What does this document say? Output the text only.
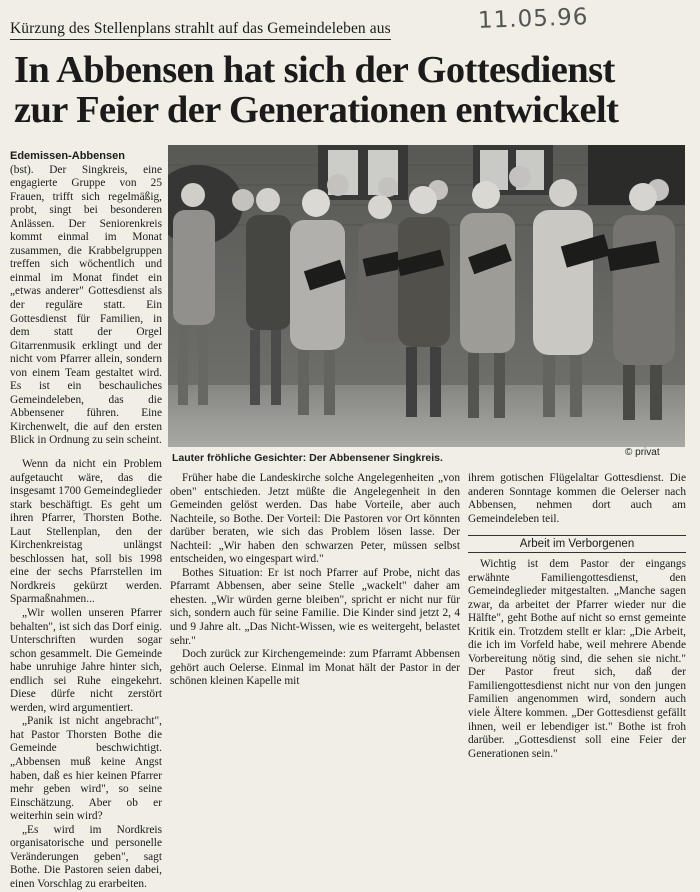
Kürzung des Stellenplans strahlt auf das Gemeindeleben aus	11.05.96
In Abbensen hat sich der Gottesdienst
zur Feier der Generationen entwickelt
Edemissen-Abbensen

(bst). Der Singkreis, eine engagierte Gruppe von 25 Frauen, trifft sich regelmäßig, probt, singt bei besonderen Anlässen. Der Seniorenkreis kommt einmal im Monat zusammen, die Krabbelgruppen treffen sich wöchentlich und einmal im Monat findet ein „etwas anderer" Gottesdienst als der reguläre statt. Ein Gottesdienst für Familien, in dem statt der Orgel Gitarrenmusik erklingt und der nicht vom Pfarrer allein, sondern von einem Team gestaltet wird. Es ist ein beschauliches Gemeindeleben, das die Abbensener führen. Eine Kirchenwelt, die auf den ersten Blick in Ordnung zu sein scheint.

Lauter fröhliche Gesichter: Der Abbensener Singkreis.	© privat

Wenn da nicht ein Problem aufgetaucht wäre, das die insgesamt 1700 Gemeindeglieder stark beschäftigt. Es geht um ihren Pfarrer, Thorsten Bothe. Laut Stellenplan, den der Kirchenkreistag unlängst beschlossen hat, soll bis 1998 eine der sechs Pfarrstellen im Nordkreis gekürzt werden. Sparmaßnahmen...

„Wir wollen unseren Pfarrer behalten", ist sich das Dorf einig. Unterschriften wurden sogar schon gesammelt. Die Gemeinde habe unruhige Jahre hinter sich, endlich sei Ruhe eingekehrt. Diese dürfe nicht zerstört werden, wird argumentiert.

„Panik ist nicht angebracht", hat Pastor Thorsten Bothe die Gemeinde beschwichtigt. „Abbensen muß keine Angst haben, daß es hier keinen Pfarrer mehr geben wird", so seine Einschätzung. Aber ob er weiterhin sein wird?

„Es wird im Nordkreis organisatorische und personelle Veränderungen geben", sagt Bothe. Die Pastoren seien dabei, einen Vorschlag zu erarbeiten.

Früher habe die Landeskirche solche Angelegenheiten „von oben" entschieden. Jetzt müßte die Angelegenheit in den Gemeinden gelöst werden. Das habe Vorteile, aber auch Nachteile, so Bothe. Der Vorteil: Die Pastoren vor Ort könnten darüber beraten, wie sich das Problem lösen lasse. Der Nachteil: „Wir haben den schwarzen Peter, müssen selbst entscheiden, wo eingespart wird."

Bothes Situation: Er ist noch Pfarrer auf Probe, nicht das Pfarramt Abbensen, aber seine Stelle „wackelt" daher am ehesten. „Wir würden gerne bleiben", spricht er nicht nur für sich, sondern auch für seine Familie. Die Kinder sind jetzt 2, 4 und 9 Jahre alt. „Das Nicht-Wissen, wie es weitergeht, belastet sehr."

Doch zurück zur Kirchengemeinde: zum Pfarramt Abbensen gehört auch Oelerse. Einmal im Monat hält der Pastor in der schönen kleinen Kapelle mit

ihrem gotischen Flügelaltar Gottesdienst. Die anderen Sonntage kommen die Oelerser nach Abbensen, nehmen dort auch am Gemeindeleben teil.

Arbeit im Verborgenen

Wichtig ist dem Pastor der eingangs erwähnte Familiengottesdienst, den Gemeindeglieder mitgestalten. „Manche sagen zwar, da arbeitet der Pfarrer wieder nur die Hälfte", geht Bothe auf nicht so ernst gemeinte Kritik ein. Trotzdem stellt er klar: „Die Arbeit, die ich im Vorfeld habe, weil mehrere Abende Vorbereitung nötig sind, die sehen sie nicht." Der Pastor freut sich, daß der Familiengottesdienst nicht nur von den jungen Familien angenommen wird, sondern auch viele Ältere kommen. „Der Gottesdienst gefällt ihnen, weil er lebendiger ist." Bothe ist froh darüber. „Gottesdienst soll eine Feier der Generationen sein."
